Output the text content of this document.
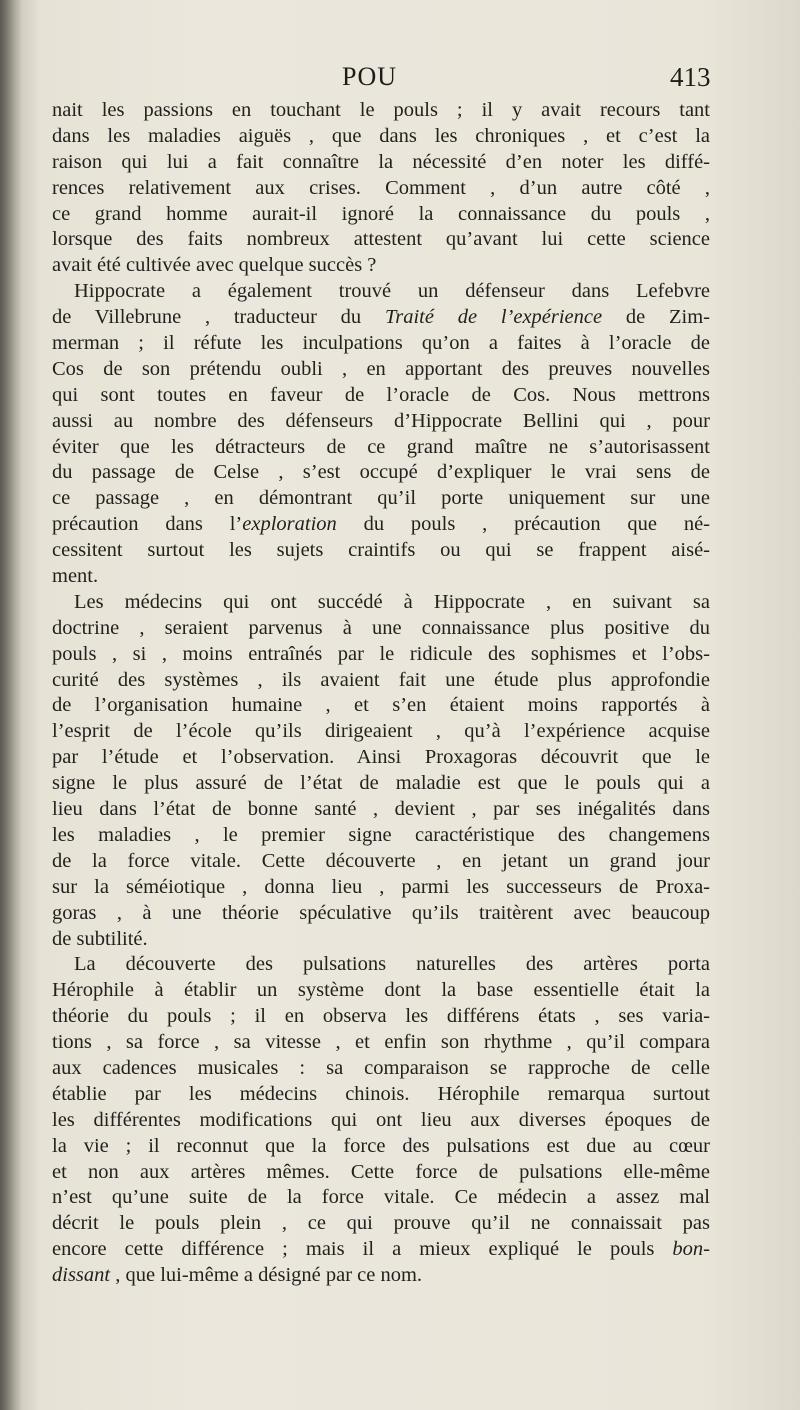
POU	413
nait les passions en touchant le pouls ; il y avait recours tant
dans les maladies aiguës , que dans les chroniques , et c’est la
raison qui lui a fait connaître la nécessité d’en noter les diffé-
rences relativement aux crises. Comment , d’un autre côté ,
ce grand homme aurait-il ignoré la connaissance du pouls ,
lorsque des faits nombreux attestent qu’avant lui cette science
avait été cultivée avec quelque succès ?
Hippocrate a également trouvé un défenseur dans Lefebvre
de Villebrune , traducteur du Traité de l’expérience de Zim-
merman ; il réfute les inculpations qu’on a faites à l’oracle de
Cos de son prétendu oubli , en apportant des preuves nouvelles
qui sont toutes en faveur de l’oracle de Cos. Nous mettrons
aussi au nombre des défenseurs d’Hippocrate Bellini qui , pour
éviter que les détracteurs de ce grand maître ne s’autorisassent
du passage de Celse , s’est occupé d’expliquer le vrai sens de
ce passage , en démontrant qu’il porte uniquement sur une
précaution dans l’exploration du pouls , précaution que né-
cessitent surtout les sujets craintifs ou qui se frappent aisé-
ment.
Les médecins qui ont succédé à Hippocrate , en suivant sa
doctrine , seraient parvenus à une connaissance plus positive du
pouls , si , moins entraînés par le ridicule des sophismes et l’obs-
curité des systèmes , ils avaient fait une étude plus approfondie
de l’organisation humaine , et s’en étaient moins rapportés à
l’esprit de l’école qu’ils dirigeaient , qu’à l’expérience acquise
par l’étude et l’observation. Ainsi Proxagoras découvrit que le
signe le plus assuré de l’état de maladie est que le pouls qui a
lieu dans l’état de bonne santé , devient , par ses inégalités dans
les maladies , le premier signe caractéristique des changemens
de la force vitale. Cette découverte , en jetant un grand jour
sur la séméiotique , donna lieu , parmi les successeurs de Proxa-
goras , à une théorie spéculative qu’ils traitèrent avec beaucoup
de subtilité.
La découverte des pulsations naturelles des artères porta
Hérophile à établir un système dont la base essentielle était la
théorie du pouls ; il en observa les différens états , ses varia-
tions , sa force , sa vitesse , et enfin son rhythme , qu’il compara
aux cadences musicales : sa comparaison se rapproche de celle
établie par les médecins chinois. Hérophile remarqua surtout
les différentes modifications qui ont lieu aux diverses époques de
la vie ; il reconnut que la force des pulsations est due au cœur
et non aux artères mêmes. Cette force de pulsations elle-même
n’est qu’une suite de la force vitale. Ce médecin a assez mal
décrit le pouls plein , ce qui prouve qu’il ne connaissait pas
encore cette différence ; mais il a mieux expliqué le pouls bon-
dissant , que lui-même a désigné par ce nom.
